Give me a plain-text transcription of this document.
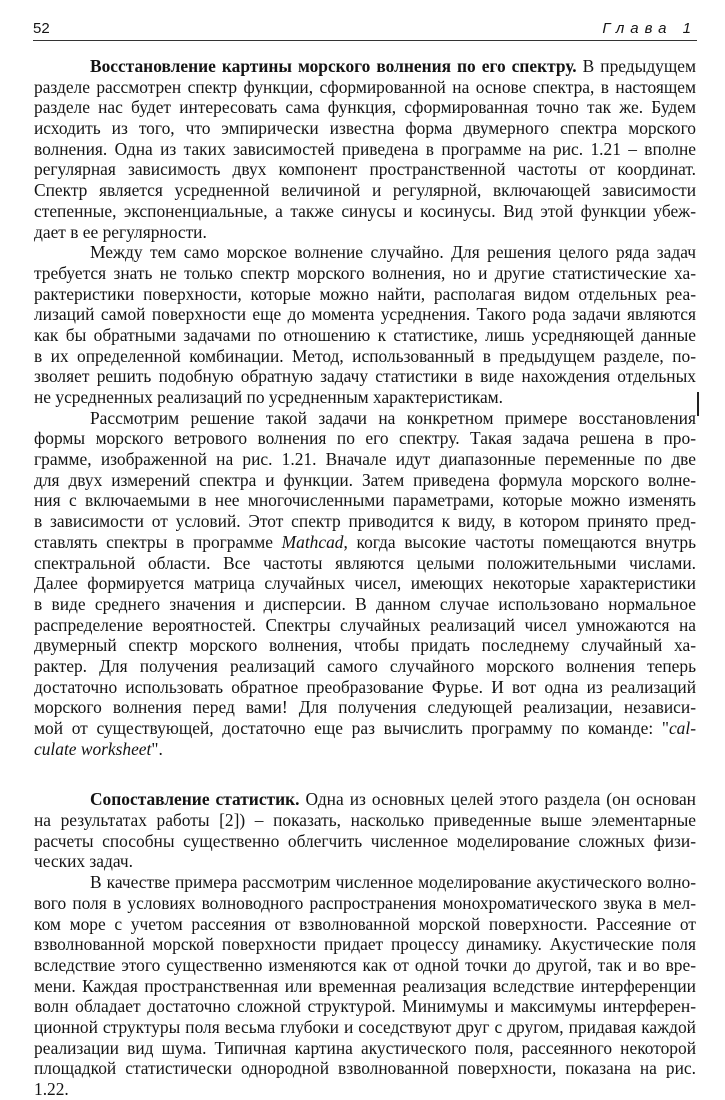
52	Глава 1
Восстановление картины морского волнения по его спектру. В предыдущем
разделе рассмотрен спектр функции, сформированной на основе спектра, в настоящем
разделе нас будет интересовать сама функция, сформированная точно так же. Будем
исходить из того, что эмпирически известна форма двумерного спектра морского
волнения. Одна из таких зависимостей приведена в программе на рис. 1.21 – вполне
регулярная зависимость двух компонент пространственной частоты от координат.
Спектр является усредненной величиной и регулярной, включающей зависимости
степенные, экспоненциальные, а также синусы и косинусы. Вид этой функции убеж-
дает в ее регулярности.
Между тем само морское волнение случайно. Для решения целого ряда задач
требуется знать не только спектр морского волнения, но и другие статистические ха-
рактеристики поверхности, которые можно найти, располагая видом отдельных реа-
лизаций самой поверхности еще до момента усреднения. Такого рода задачи являются
как бы обратными задачами по отношению к статистике, лишь усредняющей данные
в их определенной комбинации. Метод, использованный в предыдущем разделе, по-
зволяет решить подобную обратную задачу статистики в виде нахождения отдельных
не усредненных реализаций по усредненным характеристикам.
Рассмотрим решение такой задачи на конкретном примере восстановления
формы морского ветрового волнения по его спектру. Такая задача решена в про-
грамме, изображенной на рис. 1.21. Вначале идут диапазонные переменные по две
для двух измерений спектра и функции. Затем приведена формула морского волне-
ния с включаемыми в нее многочисленными параметрами, которые можно изменять
в зависимости от условий. Этот спектр приводится к виду, в котором принято пред-
ставлять спектры в программе Mathcad, когда высокие частоты помещаются внутрь
спектральной области. Все частоты являются целыми положительными числами.
Далее формируется матрица случайных чисел, имеющих некоторые характеристики
в виде среднего значения и дисперсии. В данном случае использовано нормальное
распределение вероятностей. Спектры случайных реализаций чисел умножаются на
двумерный спектр морского волнения, чтобы придать последнему случайный ха-
рактер. Для получения реализаций самого случайного морского волнения теперь
достаточно использовать обратное преобразование Фурье. И вот одна из реализаций
морского волнения перед вами! Для получения следующей реализации, независи-
мой от существующей, достаточно еще раз вычислить программу по команде: "cal-
culate worksheet".
Сопоставление статистик. Одна из основных целей этого раздела (он основан
на результатах работы [2]) – показать, насколько приведенные выше элементарные
расчеты способны существенно облегчить численное моделирование сложных физи-
ческих задач.
В качестве примера рассмотрим численное моделирование акустического волно-
вого поля в условиях волноводного распространения монохроматического звука в мел-
ком море с учетом рассеяния от взволнованной морской поверхности. Рассеяние от
взволнованной морской поверхности придает процессу динамику. Акустические поля
вследствие этого существенно изменяются как от одной точки до другой, так и во вре-
мени. Каждая пространственная или временная реализация вследствие интерференции
волн обладает достаточно сложной структурой. Минимумы и максимумы интерферен-
ционной структуры поля весьма глубоки и соседствуют друг с другом, придавая каждой
реализации вид шума. Типичная картина акустического поля, рассеянного некоторой
площадкой статистически однородной взволнованной поверхности, показана на рис. 1.22.
